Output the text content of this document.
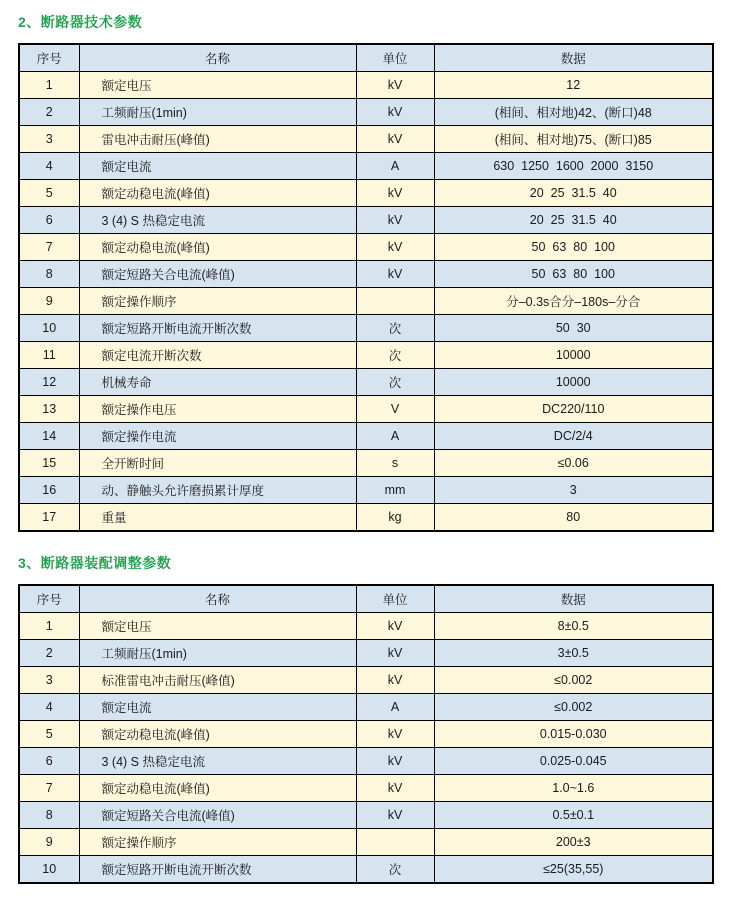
2、断路器技术参数
序号	名称	单位	数据
1	额定电压	kV	12
2	工频耐压(1min)	kV	(相间、相对地)42、(断口)48
3	雷电冲击耐压(峰值)	kV	(相间、相对地)75、(断口)85
4	额定电流	A	630  1250  1600  2000  3150
5	额定动稳电流(峰值)	kV	20  25  31.5  40
6	3 (4) S 热稳定电流	kV	20  25  31.5  40
7	额定动稳电流(峰值)	kV	50  63  80  100
8	额定短路关合电流(峰值)	kV	50  63  80  100
9	额定操作顺序		分–0.3s合分–180s–分合
10	额定短路开断电流开断次数	次	50  30
11	额定电流开断次数	次	10000
12	机械寿命	次	10000
13	额定操作电压	V	DC220/110
14	额定操作电流	A	DC/2/4
15	全开断时间	s	≤0.06
16	动、静触头允许磨损累计厚度	mm	3
17	重量	kg	80
3、断路器装配调整参数
序号	名称	单位	数据
1	额定电压	kV	8±0.5
2	工频耐压(1min)	kV	3±0.5
3	标准雷电冲击耐压(峰值)	kV	≤0.002
4	额定电流	A	≤0.002
5	额定动稳电流(峰值)	kV	0.015-0.030
6	3 (4) S 热稳定电流	kV	0.025-0.045
7	额定动稳电流(峰值)	kV	1.0~1.6
8	额定短路关合电流(峰值)	kV	0.5±0.1
9	额定操作顺序		200±3
10	额定短路开断电流开断次数	次	≤25(35,55)
